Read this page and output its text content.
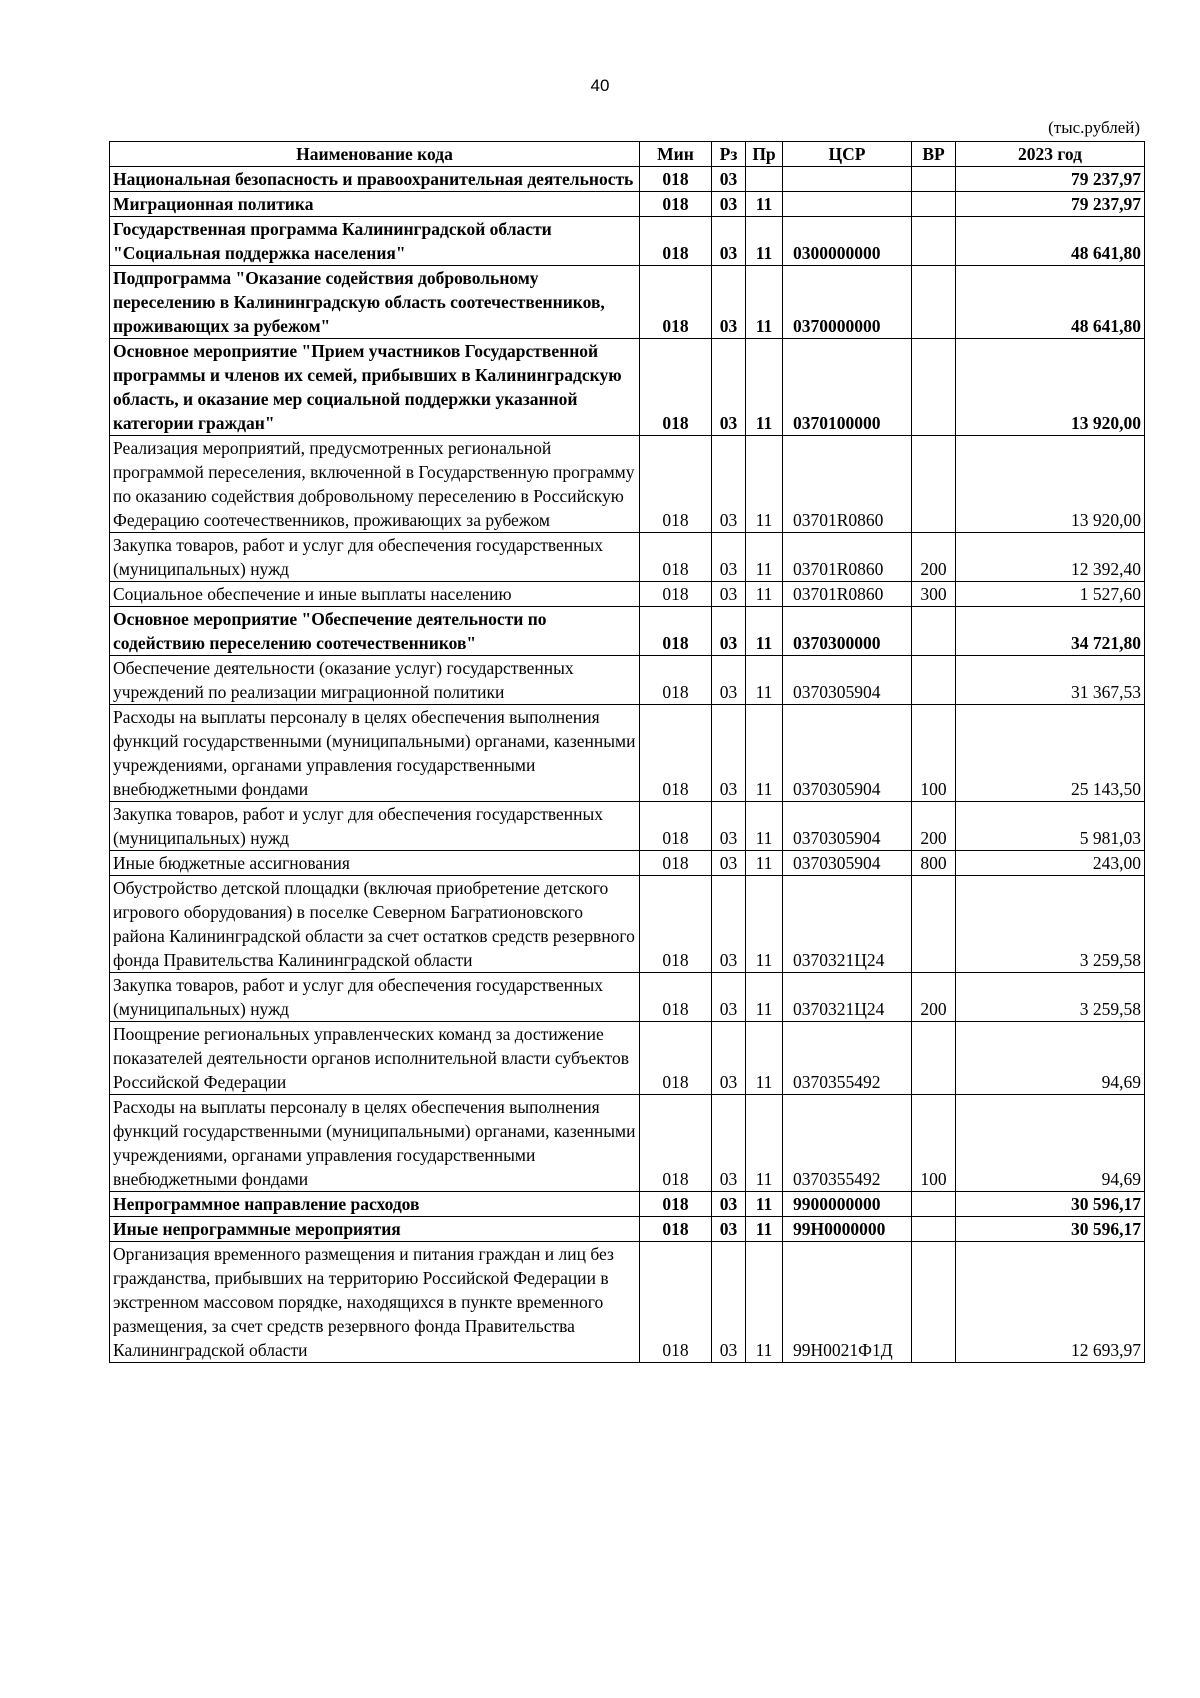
40
(тыс.рублей)
Наименование кода	Мин	Рз	Пр	ЦСР	ВР	2023 год
Национальная безопасность и правоохранительная деятельность	018	03				79 237,97
Миграционная политика	018	03	11			79 237,97
Государственная программа Калининградской области "Социальная поддержка населения"	018	03	11	0300000000		48 641,80
Подпрограмма "Оказание содействия добровольному переселению в Калининградскую область соотечественников, проживающих за рубежом"	018	03	11	0370000000		48 641,80
Основное мероприятие "Прием участников Государственной программы и членов их семей, прибывших в Калининградскую область, и оказание мер социальной поддержки указанной категории граждан"	018	03	11	0370100000		13 920,00
Реализация мероприятий, предусмотренных региональной программой переселения, включенной в Государственную программу по оказанию содействия добровольному переселению в Российскую Федерацию соотечественников, проживающих за рубежом	018	03	11	03701R0860		13 920,00
Закупка товаров, работ и услуг для обеспечения государственных (муниципальных) нужд	018	03	11	03701R0860	200	12 392,40
Социальное обеспечение и иные выплаты населению	018	03	11	03701R0860	300	1 527,60
Основное мероприятие "Обеспечение деятельности по содействию переселению соотечественников"	018	03	11	0370300000		34 721,80
Обеспечение деятельности (оказание услуг) государственных учреждений по реализации миграционной политики	018	03	11	0370305904		31 367,53
Расходы на выплаты персоналу в целях обеспечения выполнения функций государственными (муниципальными) органами, казенными учреждениями, органами управления государственными внебюджетными фондами	018	03	11	0370305904	100	25 143,50
Закупка товаров, работ и услуг для обеспечения государственных (муниципальных) нужд	018	03	11	0370305904	200	5 981,03
Иные бюджетные ассигнования	018	03	11	0370305904	800	243,00
Обустройство детской площадки (включая приобретение детского игрового оборудования) в поселке Северном Багратионовского района Калининградской области за счет остатков средств резервного фонда Правительства Калининградской области	018	03	11	0370321Ц24		3 259,58
Закупка товаров, работ и услуг для обеспечения государственных (муниципальных) нужд	018	03	11	0370321Ц24	200	3 259,58
Поощрение региональных управленческих команд за достижение показателей деятельности органов исполнительной власти субъектов Российской Федерации	018	03	11	0370355492		94,69
Расходы на выплаты персоналу в целях обеспечения выполнения функций государственными (муниципальными) органами, казенными учреждениями, органами управления государственными внебюджетными фондами	018	03	11	0370355492	100	94,69
Непрограммное направление расходов	018	03	11	9900000000		30 596,17
Иные непрограммные мероприятия	018	03	11	99Н0000000		30 596,17
Организация временного размещения и питания граждан и лиц без гражданства, прибывших на территорию Российской Федерации в экстренном массовом порядке, находящихся в пункте временного размещения, за счет средств резервного фонда Правительства Калининградской области	018	03	11	99Н0021Ф1Д		12 693,97
